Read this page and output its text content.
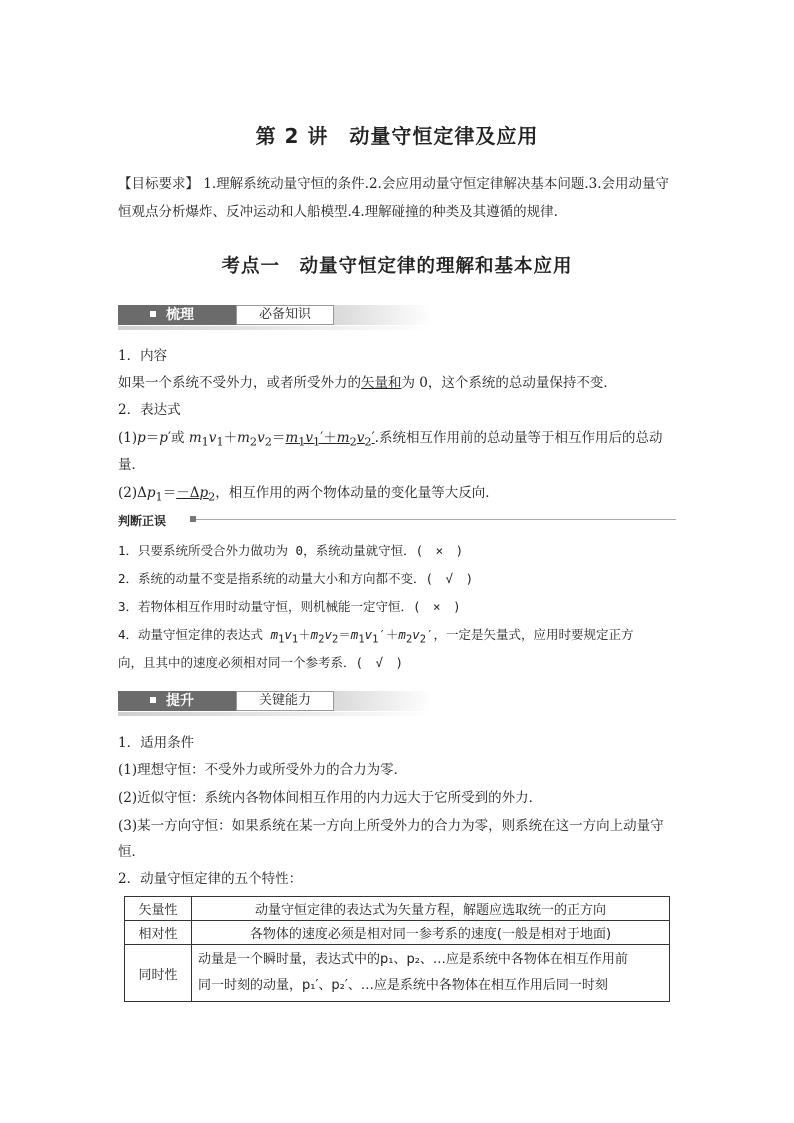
第 2 讲　动量守恒定律及应用
【目标要求】 1.理解系统动量守恒的条件.2.会应用动量守恒定律解决基本问题.3.会用动量守
恒观点分析爆炸、反冲运动和人船模型.4.理解碰撞的种类及其遵循的规律.
考点一　动量守恒定律的理解和基本应用
梳理	必备知识
1．内容
如果一个系统不受外力，或者所受外力的矢量和为 0，这个系统的总动量保持不变．
2．表达式
(1)p＝p′或 $m_1v_1+m_2v_2=m_1v_1'+m_2v_2'$.系统相互作用前的总动量等于相互作用后的总动
量．
$(2)\Delta p_1=-\Delta p_2$，相互作用的两个物体动量的变化量等大反向．
判断正误
1．只要系统所受合外力做功为 0，系统动量就守恒．(　×　)
2．系统的动量不变是指系统的动量大小和方向都不变．(　√　)
3．若物体相互作用时动量守恒，则机械能一定守恒．(　×　)
4．动量守恒定律的表达式 $m_1v_1+m_2v_2=m_1v_1'+m_2v_2'$，一定是矢量式，应用时要规定正方
向，且其中的速度必须相对同一个参考系．(　√　)
提升	关键能力
1．适用条件
(1)理想守恒：不受外力或所受外力的合力为零．
(2)近似守恒：系统内各物体间相互作用的内力远大于它所受到的外力．
(3)某一方向守恒：如果系统在某一方向上所受外力的合力为零，则系统在这一方向上动量守
恒．
2．动量守恒定律的五个特性：
矢量性	动量守恒定律的表达式为矢量方程，解题应选取统一的正方向
相对性	各物体的速度必须是相对同一参考系的速度(一般是相对于地面)
同时性	动量是一个瞬时量，表达式中的p₁、p₂、…应是系统中各物体在相互作用前
同一时刻的动量，p₁′、p₂′、…应是系统中各物体在相互作用后同一时刻
